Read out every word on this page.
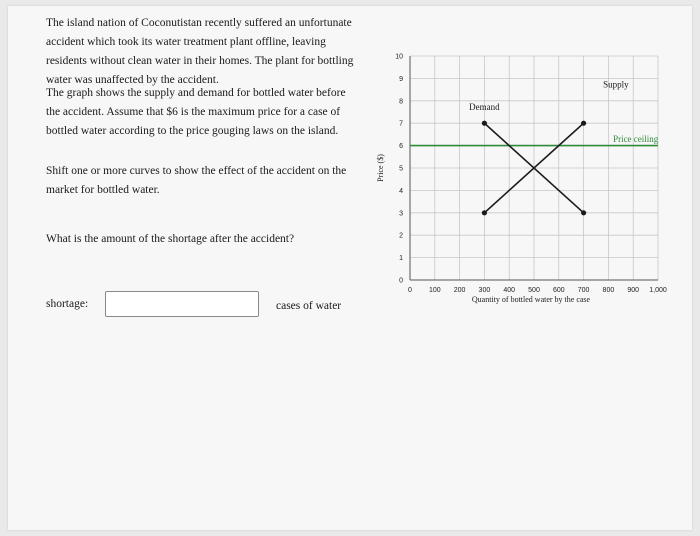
The island nation of Coconutistan recently suffered an unfortunate accident which took its water treatment plant offline, leaving residents without clean water in their homes. The plant for bottling water was unaffected by the accident.
The graph shows the supply and demand for bottled water before the accident. Assume that $6 is the maximum price for a case of bottled water according to the price gouging laws on the island.
Shift one or more curves to show the effect of the accident on the market for bottled water.
What is the amount of the shortage after the accident?
shortage:	cases of water
0 100 200 300 400 500 600 700 800 900 1,000
0
1
2
3
4
5
6
7
8
9
10
Quantity of bottled water by the case
Price ($)
Supply
Demand
Price ceiling
